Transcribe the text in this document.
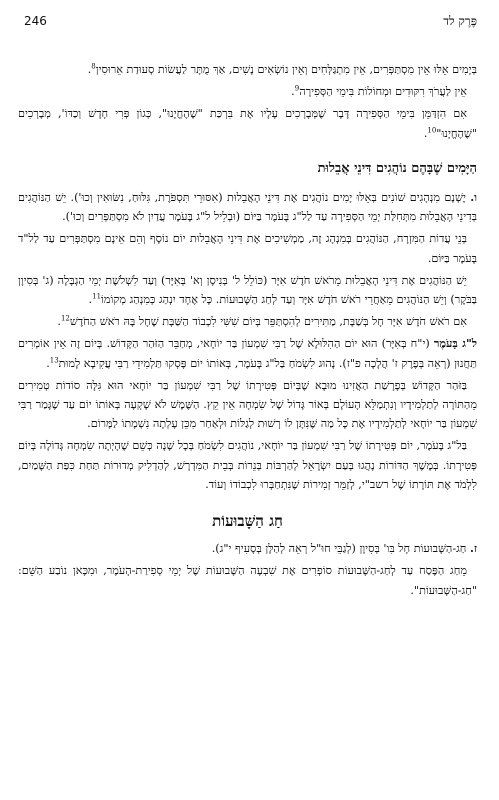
פֶּרֶק לד
246

בְּיָמִים אֵלּוּ אֵין מִסְתַּפְּרִים, אֵין מִתְגַּלְּחִים וְאֵין נוֹשְׂאִים נָשִׁים, אַךְ מֻתָּר לַעֲשׂוֹת סְעוּדַת אֵרוּסִין$^8$.

אֵין לַעֲרֹךְ רִקּוּדִים וּמְחוֹלוֹת בִּימֵי הַסְּפִירָה$^9$.

אִם הִזְדַּמֵּן בִּימֵי הַסְּפִירָה דָּבָר שֶׁמְּבָרְכִים עָלָיו אֶת בִּרְכַּת "שֶׁהֶחֱיָנוּ", כְּגוֹן פְּרִי חָדָשׁ וְכַדּוֹ', מְבָרְכִים "שֶׁהֶחֱיָנוּ"$^{10}$.

הַיָּמִים שֶׁבָּהֶם נוֹהֲגִים דִּינֵי אֲבֵלוּת

ו. יֶשְׁנָם מִנְהָגִים שׁוֹנִים בְּאֵלּוּ יָמִים נוֹהֲגִים אֶת דִּינֵי הָאֲבֵלוּת (אִסּוּרֵי תִּסְפֹּרֶת, גִּלּוּחַ, נִשּׂוּאִין וְכוּ'). יֵשׁ הַנּוֹהֲגִים בְּדִינֵי הָאֲבֵלוּת מִתְּחִלַּת יְמֵי הַסְּפִירָה עַד לַל"ג בָּעֹמֶר בַּיּוֹם (וּבְלֵיל ל"ג בָּעֹמֶר עֲדַיִן לֹא מִסְתַּפְּרִים וְכוּ').

בְּנֵי עֲדוֹת הַמִּזְרָח, הַנּוֹהֲגִים בְּמִנְהָג זֶה, מַמְשִׁיכִים אֶת דִּינֵי הָאֲבֵלוּת יוֹם נוֹסָף וְהֵם אֵינָם מִסְתַּפְּרִים עַד לַל"ד בָּעֹמֶר בַּיּוֹם.

יֵשׁ הַנּוֹהֲגִים אֶת דִּינֵי הָאֲבֵלוּת מֵרֹאשׁ חֹדֶשׁ אִיָּר (כּוֹלֵל ל' בְּנִיסָן וְא' בְּאִיָּר) וְעַד לִשְׁלֹשֶׁת יְמֵי הַגְבָּלָה (ג' בְּסִיוָן בַּבֹּקֶר) וְיֵשׁ הַנּוֹהֲגִים מֵאַחֲרֵי רֹאשׁ חֹדֶשׁ אִיָּר וְעַד לְחַג הַשָּׁבוּעוֹת. כָּל אֶחָד יִנְהַג כְּמִנְהַג מְקוֹמוֹ$^{11}$.

אִם רֹאשׁ חֹדֶשׁ אִיָּר חָל בְּשַׁבָּת, מַתִּירִים לְהִסְתַּפֵּר בְּיוֹם שִׁשִּׁי לִכְבוֹד הַשַּׁבָּת שֶׁחָל בָּהּ רֹאשׁ הַחֹדֶשׁ$^{12}$.

ל"ג בָּעֹמֶר (י"ח בְּאִיָּר) הוּא יוֹם הַהִלּוּלָא שֶׁל רַבִּי שִׁמְעוֹן בַּר יוֹחָאי, מְחַבֵּר הַזֹּהַר הַקָּדוֹשׁ. בְּיוֹם זֶה אֵין אוֹמְרִים תַּחֲנוּן (רְאֵה בְּפֶרֶק ז' הֲלָכָה פ"ז). נָהוּג לִשְׂמֹחַ בַּל"ג בָּעֹמֶר, בְּאוֹתוֹ יוֹם פָּסְקוּ תַּלְמִידֵי רַבִּי עֲקִיבָא לָמוּת$^{13}$.

בַּזֹּהַר הַקָּדוֹשׁ בְּפָרָשַׁת הַאֲזִינוּ מוּבָא שֶׁבְּיוֹם פְּטִירָתוֹ שֶׁל רַבִּי שִׁמְעוֹן בַּר יוֹחָאי הוּא גִּלָּה סוֹדוֹת טְמִירִים מֵהַתּוֹרָה לְתַלְמִידָיו וְנִתְמַלֵּא הָעוֹלָם בְּאוֹר גָּדוֹל שֶׁל שִׂמְחָה אֵין קֵץ. הַשֶּׁמֶשׁ לֹא שָׁקְעָה בְּאוֹתוֹ יוֹם עַד שֶׁגָּמַר רַבִּי שִׁמְעוֹן בַּר יוֹחָאי לְתַלְמִידָיו אֶת כָּל מַה שֶּׁנִּתָּן לוֹ רְשׁוּת לְגַלּוֹת וּלְאַחַר מִכֵּן עָלְתָה נִשְׁמָתוֹ לַמָּרוֹם.

בַּל"ג בָּעֹמֶר, יוֹם פְּטִירָתוֹ שֶׁל רַבִּי שִׁמְעוֹן בַּר יוֹחָאי, נוֹהֲגִים לִשְׂמֹחַ בְּכָל שָׁנָה כְּשֵׁם שֶׁהָיְתָה שִׂמְחָה גְּדוֹלָה בְּיוֹם פְּטִירָתוֹ. בְּמֶשֶׁךְ הַדּוֹרוֹת נָהֲגוּ בְּעַם יִשְׂרָאֵל לְהַרְבּוֹת בְּנֵרוֹת בְּבֵית הַמִּדְרָשׁ, לְהַדְלִיק מְדוּרוֹת תַּחַת כִּפַּת הַשָּׁמַיִם, לִלְמֹד אֶת תּוֹרָתוֹ שֶׁל רשב"י, לְזַמֵּר זְמִירוֹת שֶׁנִּתְחַבְּרוּ לִכְבוֹדוֹ וְעוֹד.

חַג הַשָּׁבוּעוֹת

ז. חַג-הַשָּׁבוּעוֹת חָל בִּו' בְּסִיוָן (לְגַבֵּי חוּ"ל רְאֵה לְהַלָּן בְּסָעִיף י"ג).

מֵחַג הַפֶּסַח עַד לְחַג-הַשָּׁבוּעוֹת סוֹפְרִים אֶת שִׁבְעָה הַשָּׁבוּעוֹת שֶׁל יְמֵי סְפִירַת-הָעֹמֶר, וּמִכָּאן נוֹבַע הַשֵּׁם: "חַג-הַשָּׁבוּעוֹת".
